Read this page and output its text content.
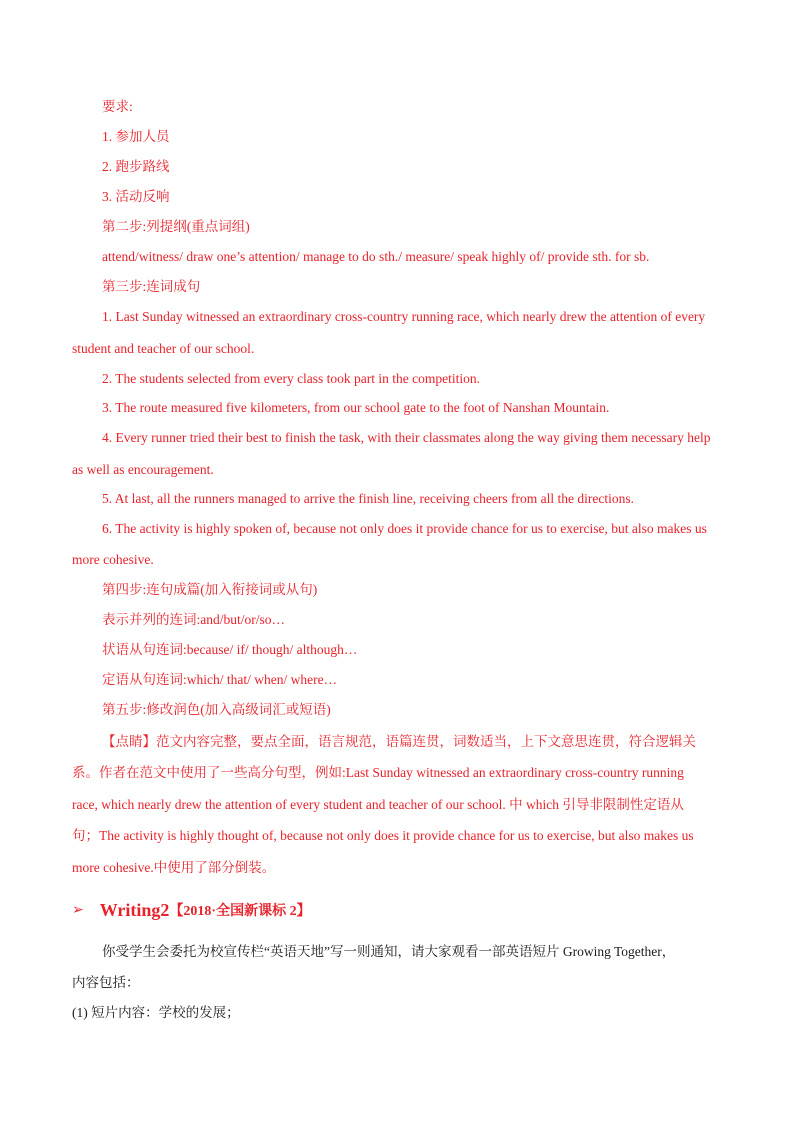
要求:
1. 参加人员
2. 跑步路线
3. 活动反响
第二步:列提纲(重点词组)
attend/witness/ draw one’s attention/ manage to do sth./ measure/ speak highly of/ provide sth. for sb.
第三步:连词成句
1. Last Sunday witnessed an extraordinary cross-country running race, which nearly drew the attention of every
student and teacher of our school.
2. The students selected from every class took part in the competition.
3. The route measured five kilometers, from our school gate to the foot of Nanshan Mountain.
4. Every runner tried their best to finish the task, with their classmates along the way giving them necessary help
as well as encouragement.
5. At last, all the runners managed to arrive the finish line, receiving cheers from all the directions.
6. The activity is highly spoken of, because not only does it provide chance for us to exercise, but also makes us
more cohesive.
第四步:连句成篇(加入衔接词或从句)
表示并列的连词:and/but/or/so…
状语从句连词:because/ if/ though/ although…
定语从句连词:which/ that/ when/ where…
第五步:修改润色(加入高级词汇或短语)
【点睛】范文内容完整，要点全面，语言规范，语篇连贯，词数适当，上下文意思连贯，符合逻辑关
系。作者在范文中使用了一些高分句型，例如:Last Sunday witnessed an extraordinary cross-country running
race, which nearly drew the attention of every student and teacher of our school. 中 which 引导非限制性定语从
句；The activity is highly thought of, because not only does it provide chance for us to exercise, but also makes us
more cohesive.中使用了部分倒装。
➢ Writing2 【2018·全国新课标 2】
你受学生会委托为校宣传栏“英语天地”写一则通知，请大家观看一部英语短片 Growing Together，
内容包括：
(1) 短片内容：学校的发展；
